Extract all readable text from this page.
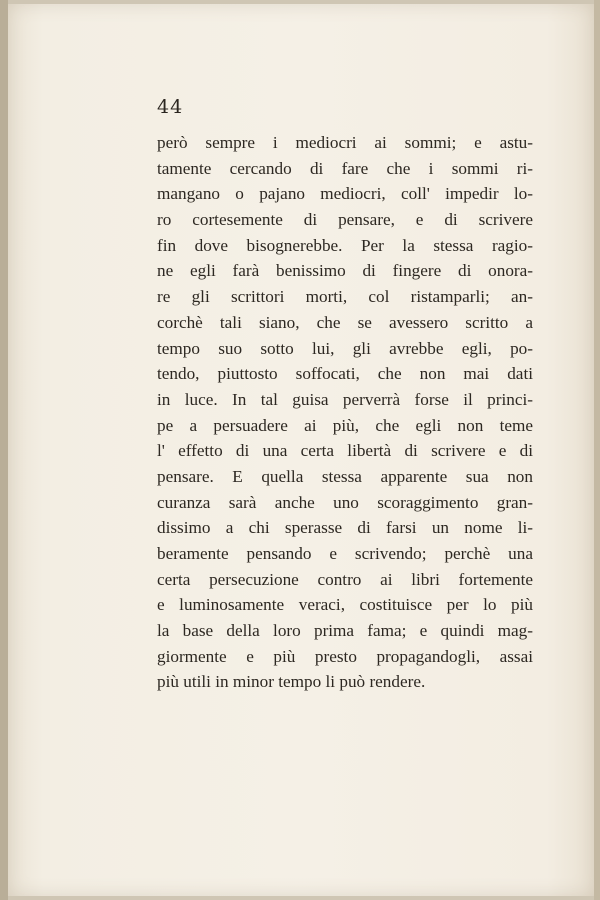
44
però sempre i mediocri ai sommi; e astu-
tamente cercando di fare che i sommi ri-
mangano o pajano mediocri, coll' impedir lo-
ro cortesemente di pensare, e di scrivere
fin dove bisognerebbe. Per la stessa ragio-
ne egli farà benissimo di fingere di onora-
re gli scrittori morti, col ristamparli; an-
corchè tali siano, che se avessero scritto a
tempo suo sotto lui, gli avrebbe egli, po-
tendo, piuttosto soffocati, che non mai dati
in luce. In tal guisa perverrà forse il princi-
pe a persuadere ai più, che egli non teme
l' effetto di una certa libertà di scrivere e di
pensare. E quella stessa apparente sua non
curanza sarà anche uno scoraggimento gran-
dissimo a chi sperasse di farsi un nome li-
beramente pensando e scrivendo; perchè una
certa persecuzione contro ai libri fortemente
e luminosamente veraci, costituisce per lo più
la base della loro prima fama; e quindi mag-
giormente e più presto propagandogli, assai
più utili in minor tempo li può rendere.
